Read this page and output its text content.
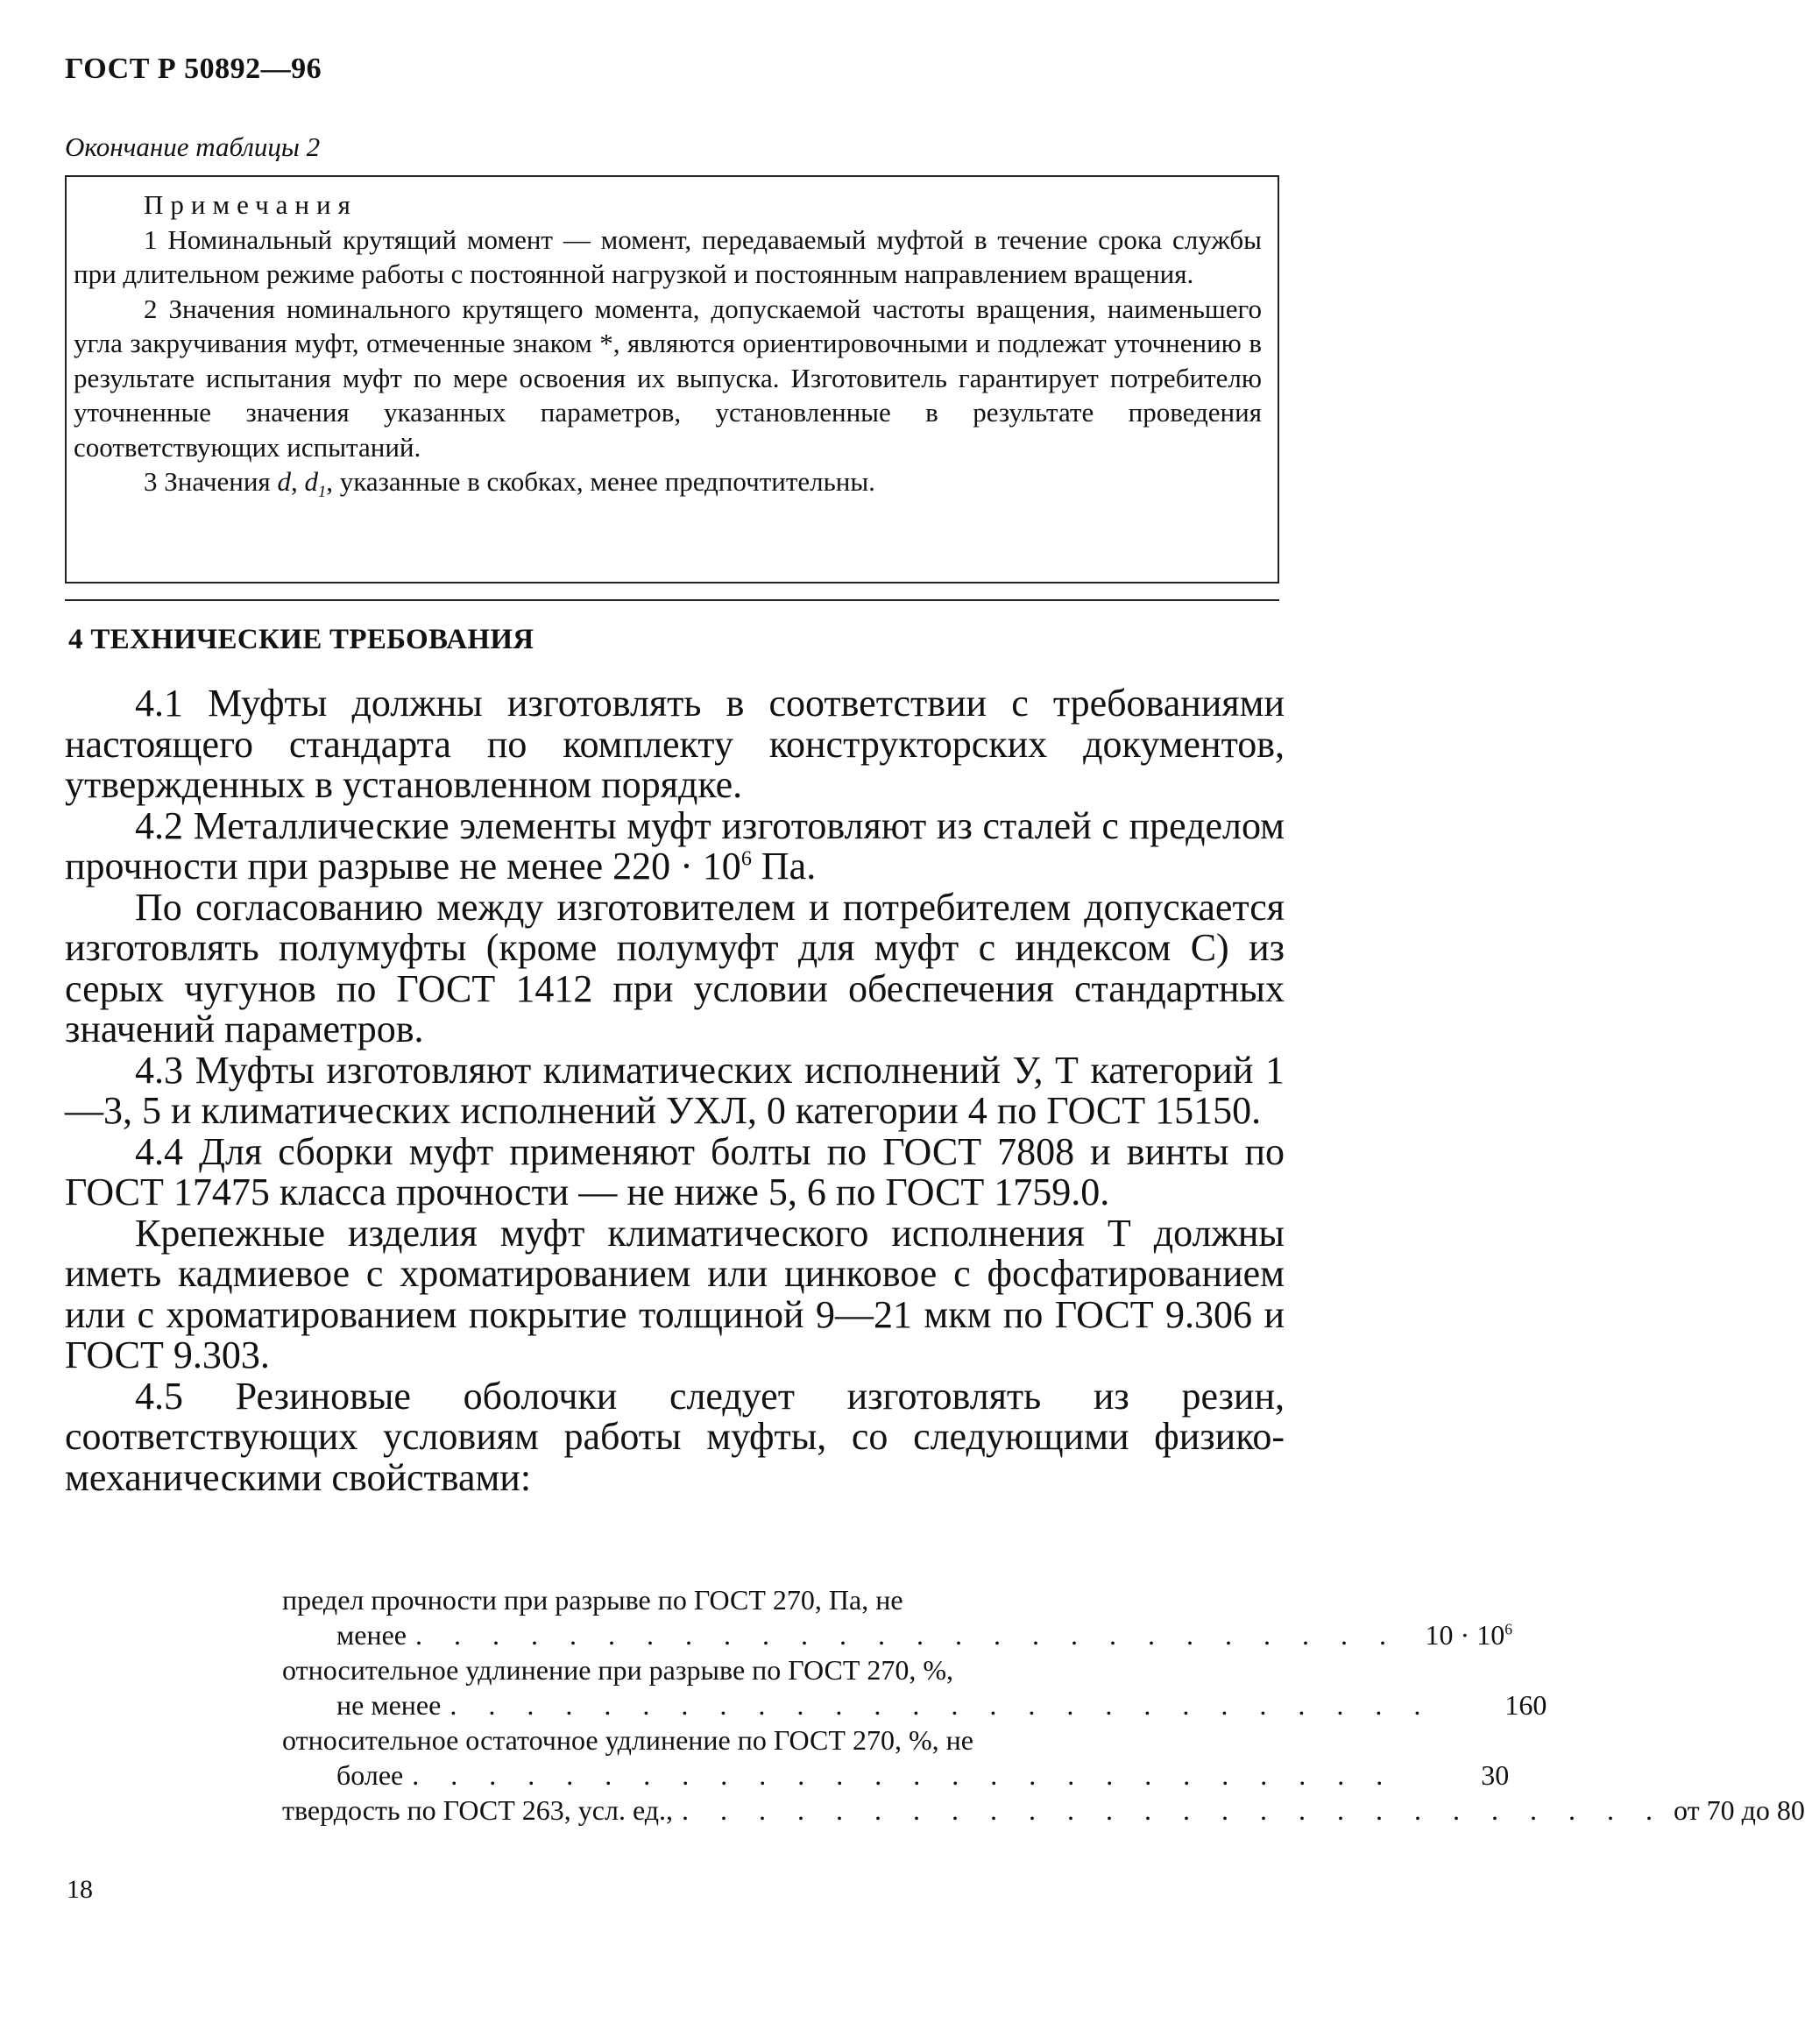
ГОСТ Р 50892—96
Окончание таблицы 2
Примечания

1 Номинальный крутящий момент — момент, передаваемый муфтой в течение срока службы при длительном режиме работы с постоянной нагрузкой и постоянным направлением вращения.

2 Значения номинального крутящего момента, допускаемой частоты вращения, наименьшего угла закручивания муфт, отмеченные знаком *, являются ориентировочными и подлежат уточнению в результате испытания муфт по мере освоения их выпуска. Изготовитель гарантирует потребителю уточненные значения указанных параметров, установленные в результате проведения соответствующих испытаний.

3 Значения d, $d_1$, указанные в скобках, менее предпочтительны.

4 ТЕХНИЧЕСКИЕ ТРЕБОВАНИЯ

4.1 Муфты должны изготовлять в соответствии с требованиями настоящего стандарта по комплекту конструкторских документов, утвержденных в установленном порядке.

4.2 Металлические элементы муфт изготовляют из сталей с пределом прочности при разрыве не менее $220 \cdot 10^6$ Па.

По согласованию между изготовителем и потребителем допускается изготовлять полумуфты (кроме полумуфт для муфт с индексом С) из серых чугунов по ГОСТ 1412 при условии обеспечения стандартных значений параметров.

4.3 Муфты изготовляют климатических исполнений У, Т категорий 1—3, 5 и климатических исполнений УХЛ, 0 категории 4 по ГОСТ 15150.

4.4 Для сборки муфт применяют болты по ГОСТ 7808 и винты по ГОСТ 17475 класса прочности — не ниже 5, 6 по ГОСТ 1759.0.

Крепежные изделия муфт климатического исполнения Т должны иметь кадмиевое с хроматированием или цинковое с фосфатированием или с хроматированием покрытие толщиной 9—21 мкм по ГОСТ 9.306 и ГОСТ 9.303.

4.5 Резиновые оболочки следует изготовлять из резин, соответствующих условиям работы муфты, со следующими физико-механическими свойствами:

предел прочности при разрыве по ГОСТ 270, Па, не
менее . . . . . . . . . . . . . . . . . . . . . . . . . . $10 \cdot 10^6$
относительное удлинение при разрыве по ГОСТ 270, %,
не менее . . . . . . . . . . . . . . . . . . . . . . . . . .	160
относительное остаточное удлинение по ГОСТ 270, %, не
более . . . . . . . . . . . . . . . . . . . . . . . . . .	30
твердость по ГОСТ 263, усл. ед., . . . . . . . . . . . . . . . . . . . . . . . . . . от 70 до 80
18
